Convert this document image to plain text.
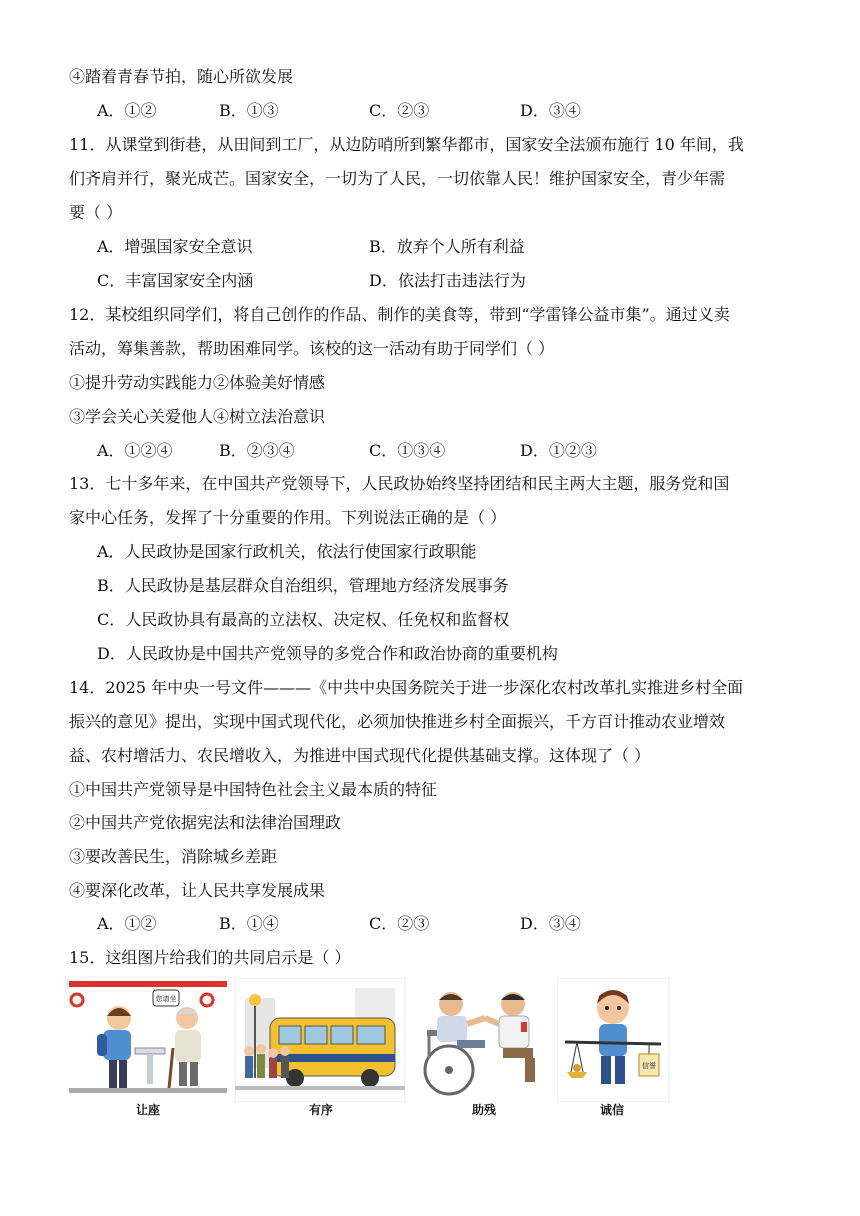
④踏着青春节拍，随心所欲发展
A．①②	B．①③	C．②③	D．③④
11．从课堂到街巷，从田间到工厂，从边防哨所到繁华都市，国家安全法颁布施行 10 年间，我
们齐肩并行，聚光成芒。国家安全，一切为了人民，一切依靠人民！维护国家安全，青少年需
要（ ）
A．增强国家安全意识	B．放弃个人所有利益
C．丰富国家安全内涵	D．依法打击违法行为
12．某校组织同学们，将自己创作的作品、制作的美食等，带到“学雷锋公益市集”。通过义卖
活动，筹集善款，帮助困难同学。该校的这一活动有助于同学们（ ）
①提升劳动实践能力②体验美好情感
③学会关心关爱他人④树立法治意识
A．①②④	B．②③④	C．①③④	D．①②③
13．七十多年来，在中国共产党领导下，人民政协始终坚持团结和民主两大主题，服务党和国
家中心任务，发挥了十分重要的作用。下列说法正确的是（ ）
A．人民政协是国家行政机关，依法行使国家行政职能
B．人民政协是基层群众自治组织，管理地方经济发展事务
C．人民政协具有最高的立法权、决定权、任免权和监督权
D．人民政协是中国共产党领导的多党合作和政治协商的重要机构
14．2025 年中央一号文件———《中共中央国务院关于进一步深化农村改革扎实推进乡村全面
振兴的意见》提出，实现中国式现代化，必须加快推进乡村全面振兴，千方百计推动农业增效
益、农村增活力、农民增收入，为推进中国式现代化提供基础支撑。这体现了（ ）
①中国共产党领导是中国特色社会主义最本质的特征
②中国共产党依据宪法和法律治国理政
③要改善民生，消除城乡差距
④要深化改革，让人民共享发展成果
A．①②	B．①④	C．②③	D．③④
15．这组图片给我们的共同启示是（ ）
您请坐
让座	有序	助残
信誉
诚信
